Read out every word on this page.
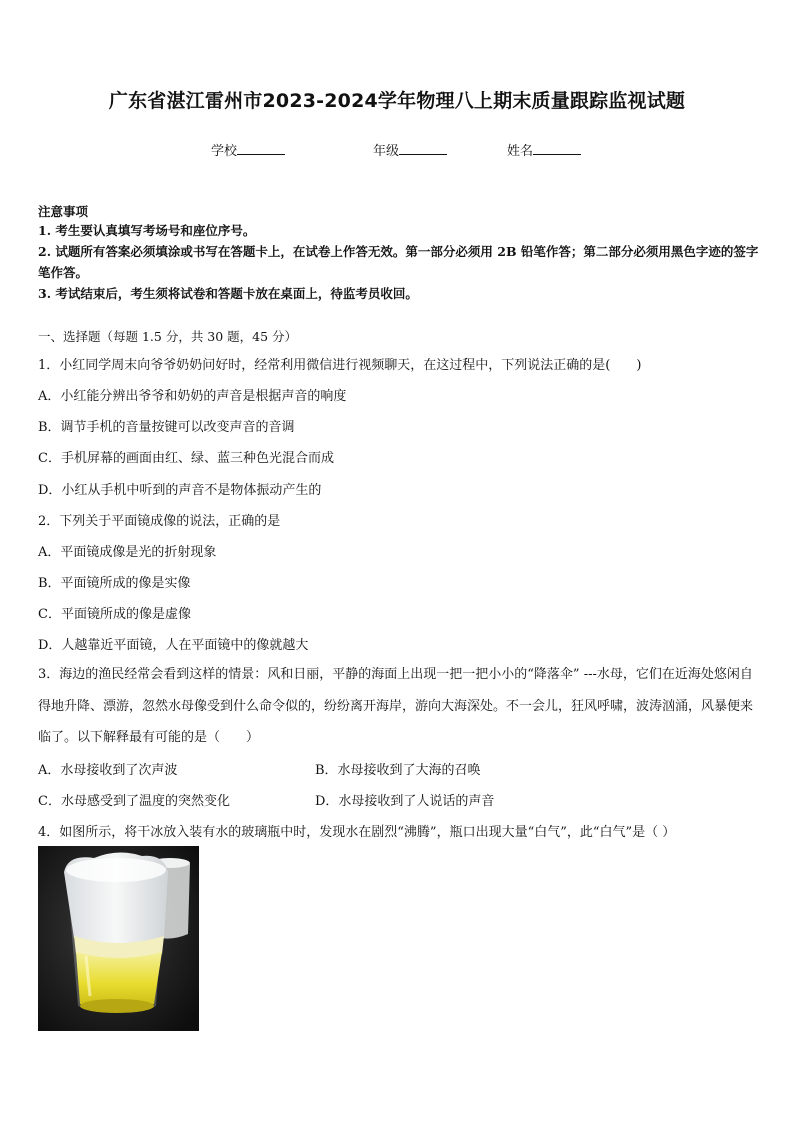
广东省湛江雷州市2023-2024学年物理八上期末质量跟踪监视试题
学校	年级	姓名
注意事项
1. 考生要认真填写考场号和座位序号。
2. 试题所有答案必须填涂或书写在答题卡上，在试卷上作答无效。第一部分必须用 2B 铅笔作答；第二部分必须用黑色字迹的签字笔作答。
3. 考试结束后，考生须将试卷和答题卡放在桌面上，待监考员收回。
一、选择题（每题 1.5 分，共 30 题，45 分）
1．小红同学周末向爷爷奶奶问好时，经常利用微信进行视频聊天，在这过程中，下列说法正确的是(　　)
A．小红能分辨出爷爷和奶奶的声音是根据声音的响度
B．调节手机的音量按键可以改变声音的音调
C．手机屏幕的画面由红、绿、蓝三种色光混合而成
D．小红从手机中听到的声音不是物体振动产生的
2．下列关于平面镜成像的说法，正确的是
A．平面镜成像是光的折射现象
B．平面镜所成的像是实像
C．平面镜所成的像是虚像
D．人越靠近平面镜，人在平面镜中的像就越大
3．海边的渔民经常会看到这样的情景：风和日丽，平静的海面上出现一把一把小小的“降落伞” ---水母，它们在近海处悠闲自得地升降、漂游，忽然水母像受到什么命令似的，纷纷离开海岸，游向大海深处。不一会儿，狂风呼啸，波涛汹涌，风暴便来临了。以下解释最有可能的是（　　）
A．水母接收到了次声波	B．水母接收到了大海的召唤
C．水母感受到了温度的突然变化	D．水母接收到了人说话的声音
4．如图所示，将干冰放入装有水的玻璃瓶中时，发现水在剧烈“沸腾”，瓶口出现大量“白气”，此“白气”是（ ）
